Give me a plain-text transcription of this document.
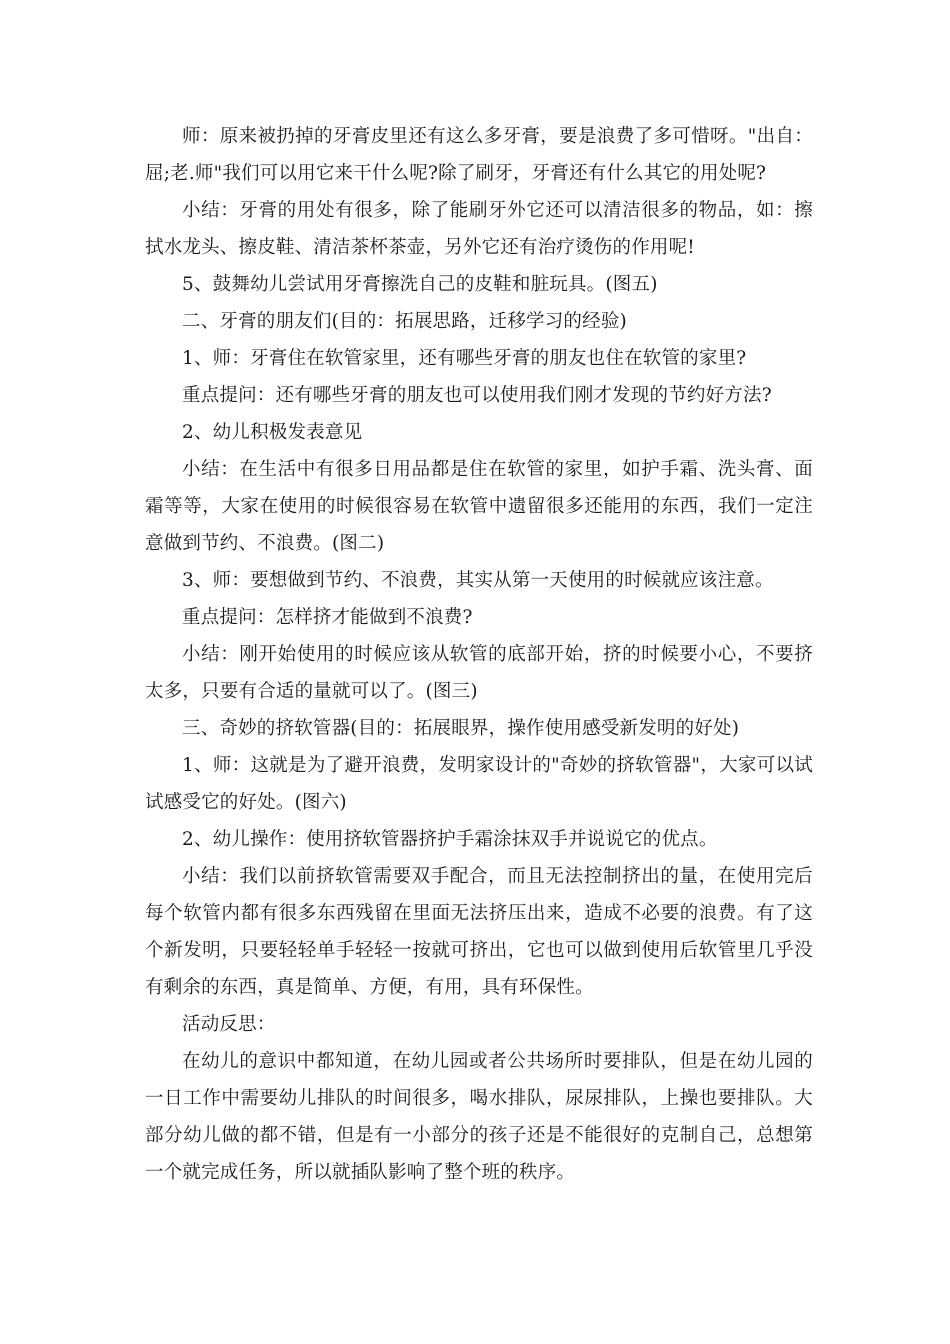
师：原来被扔掉的牙膏皮里还有这么多牙膏，要是浪费了多可惜呀。"出自：屈;老.师"我们可以用它来干什么呢?除了刷牙，牙膏还有什么其它的用处呢?

小结：牙膏的用处有很多，除了能刷牙外它还可以清洁很多的物品，如：擦拭水龙头、擦皮鞋、清洁茶杯茶壶，另外它还有治疗烫伤的作用呢!

5、鼓舞幼儿尝试用牙膏擦洗自己的皮鞋和脏玩具。(图五)

二、牙膏的朋友们(目的：拓展思路，迁移学习的经验)

1、师：牙膏住在软管家里，还有哪些牙膏的朋友也住在软管的家里?

重点提问：还有哪些牙膏的朋友也可以使用我们刚才发现的节约好方法?

2、幼儿积极发表意见

小结：在生活中有很多日用品都是住在软管的家里，如护手霜、洗头膏、面霜等等，大家在使用的时候很容易在软管中遗留很多还能用的东西，我们一定注意做到节约、不浪费。(图二)

3、师：要想做到节约、不浪费，其实从第一天使用的时候就应该注意。

重点提问：怎样挤才能做到不浪费?

小结：刚开始使用的时候应该从软管的底部开始，挤的时候要小心，不要挤太多，只要有合适的量就可以了。(图三)

三、奇妙的挤软管器(目的：拓展眼界，操作使用感受新发明的好处)

1、师：这就是为了避开浪费，发明家设计的"奇妙的挤软管器"，大家可以试试感受它的好处。(图六)

2、幼儿操作：使用挤软管器挤护手霜涂抹双手并说说它的优点。

小结：我们以前挤软管需要双手配合，而且无法控制挤出的量，在使用完后每个软管内都有很多东西残留在里面无法挤压出来，造成不必要的浪费。有了这个新发明，只要轻轻单手轻轻一按就可挤出，它也可以做到使用后软管里几乎没有剩余的东西，真是简单、方便，有用，具有环保性。

活动反思：

在幼儿的意识中都知道，在幼儿园或者公共场所时要排队，但是在幼儿园的一日工作中需要幼儿排队的时间很多，喝水排队，尿尿排队，上操也要排队。大部分幼儿做的都不错，但是有一小部分的孩子还是不能很好的克制自己，总想第一个就完成任务，所以就插队影响了整个班的秩序。
